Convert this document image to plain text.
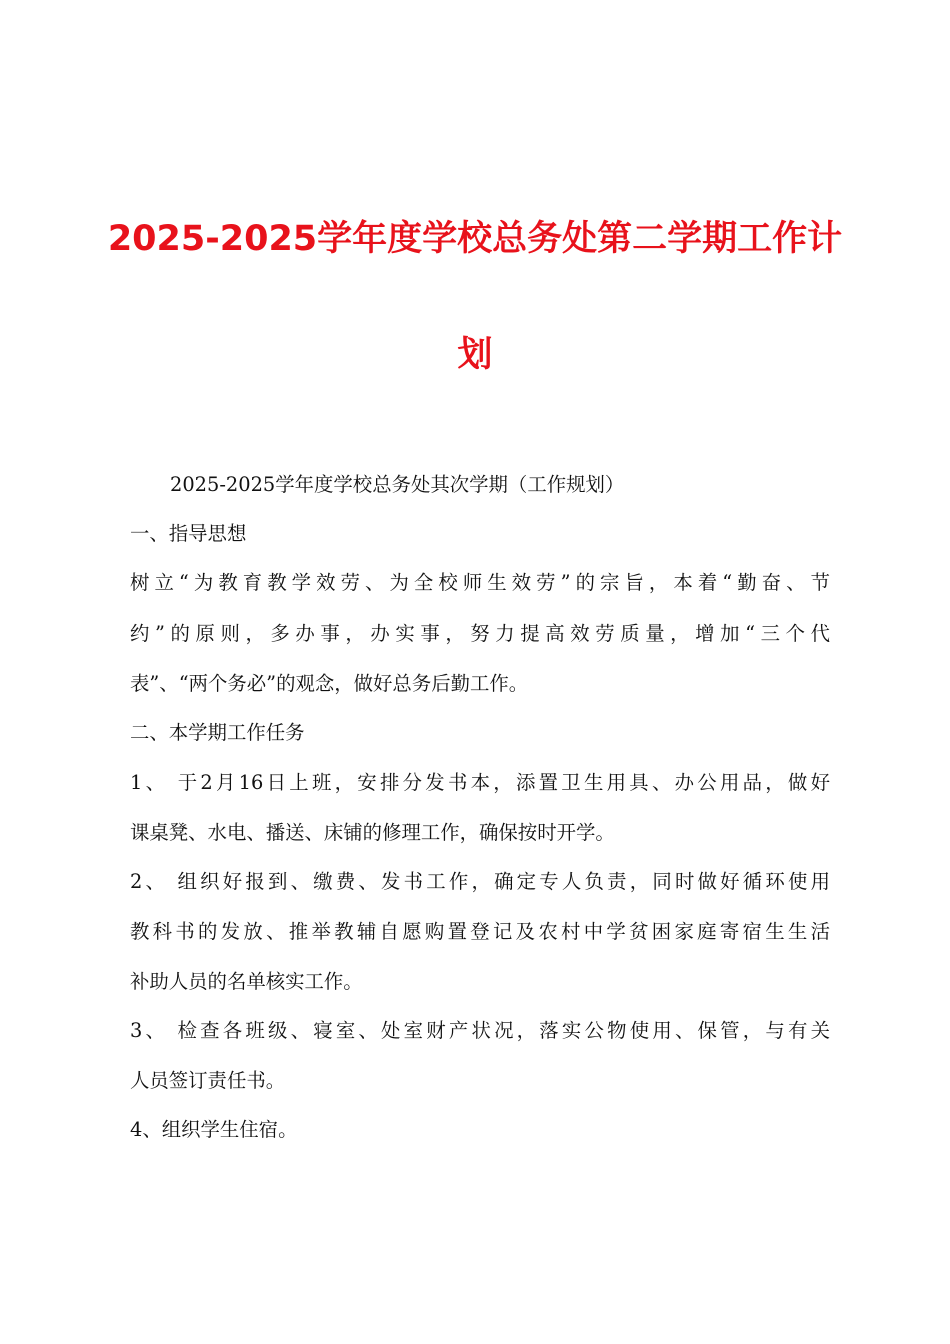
2025-2025学年度学校总务处第二学期工作计
划

2025-2025学年度学校总务处其次学期（工作规划）

一、指导思想

树立“为教育教学效劳、为全校师生效劳”的宗旨，本着“勤奋、节

约”的原则，多办事，办实事，努力提高效劳质量，增加“三个代

表”、“两个务必”的观念，做好总务后勤工作。

二、本学期工作任务

1、 于2月16日上班，安排分发书本，添置卫生用具、办公用品，做好

课桌凳、水电、播送、床铺的修理工作，确保按时开学。

2、 组织好报到、缴费、发书工作，确定专人负责，同时做好循环使用

教科书的发放、推举教辅自愿购置登记及农村中学贫困家庭寄宿生生活

补助人员的名单核实工作。

3、 检查各班级、寝室、处室财产状况，落实公物使用、保管，与有关

人员签订责任书。

4、组织学生住宿。
